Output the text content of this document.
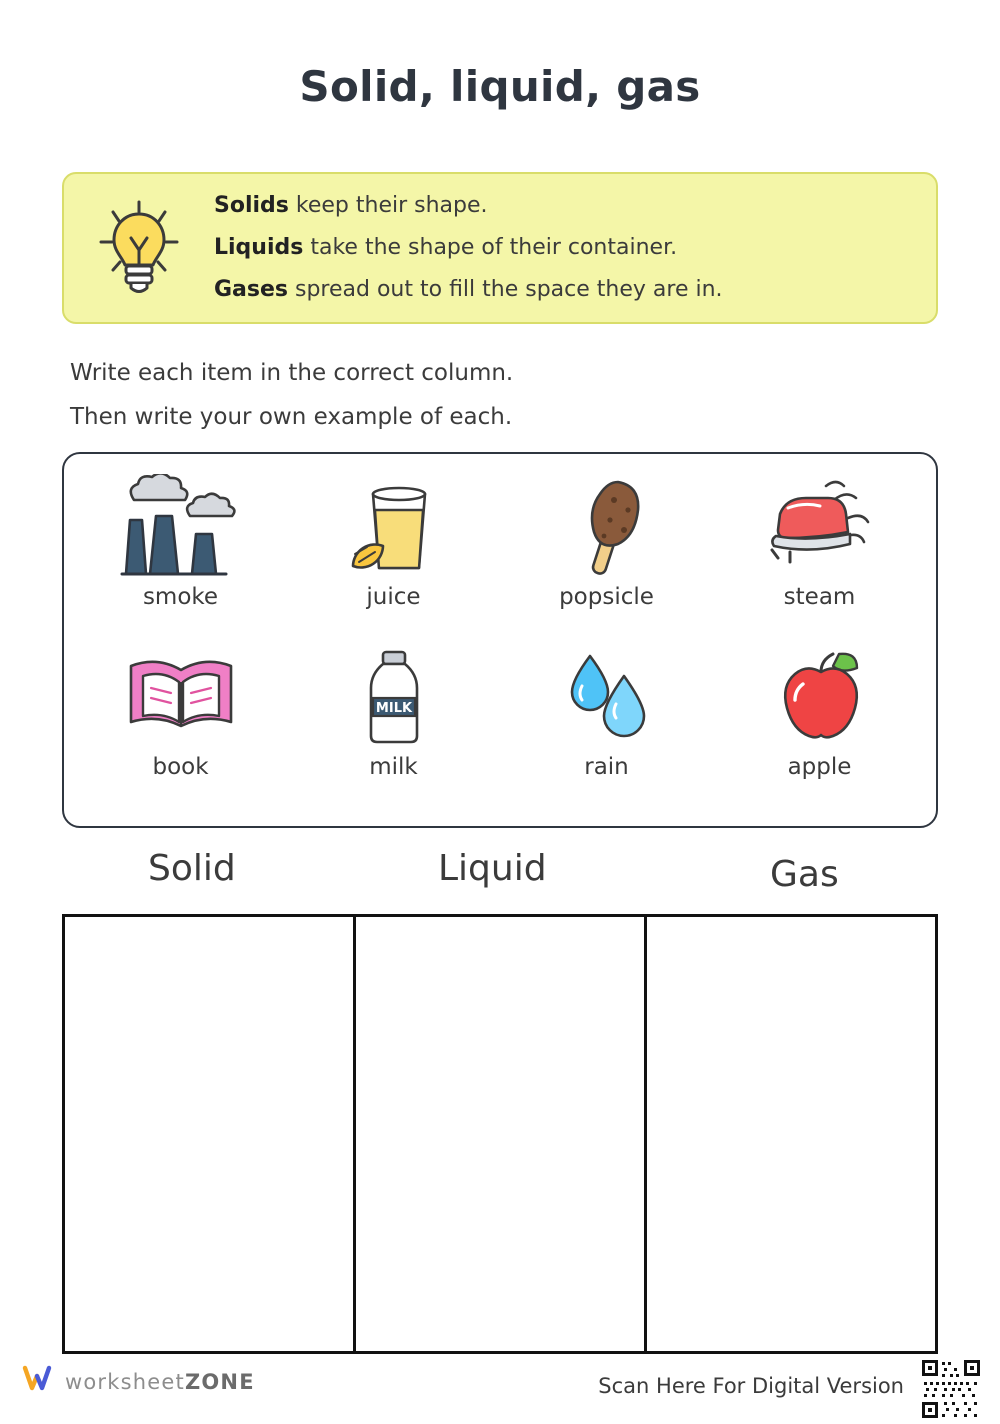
Solid, liquid, gas
Solids keep their shape.
Liquids take the shape of their container.
Gases spread out to fill the space they are in.
Write each item in the correct column.
Then write your own example of each.
smoke	juice	popsicle	steam
book
MILK
milk	rain	apple
Solid	Liquid	Gas
worksheetZONE	Scan Here For Digital Version
